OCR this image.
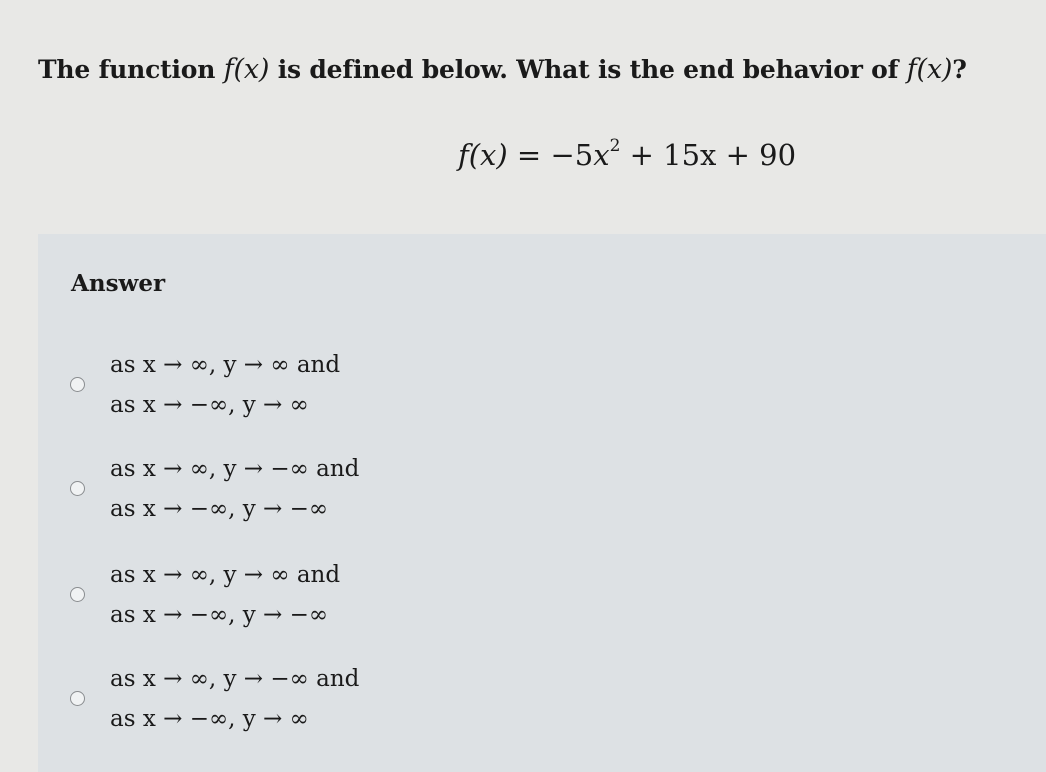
The function f(x) is defined below. What is the end behavior of f(x)?
$f(x) = -5x^2 + 15x + 90$
Answer
as x → ∞, y → ∞ and
as x → −∞, y → ∞
as x → ∞, y → −∞ and
as x → −∞, y → −∞
as x → ∞, y → ∞ and
as x → −∞, y → −∞
as x → ∞, y → −∞ and
as x → −∞, y → ∞
